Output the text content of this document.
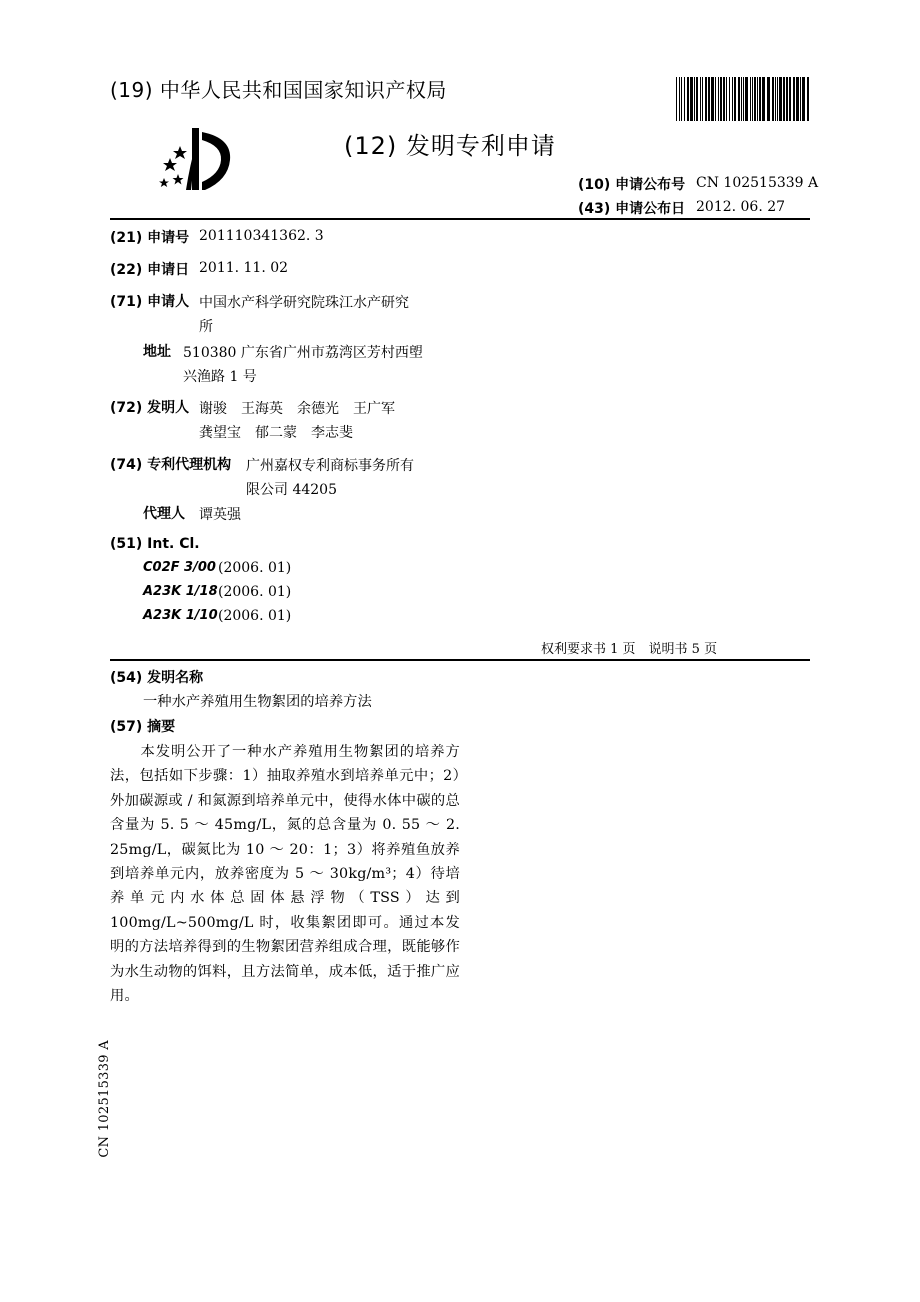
(19) 中华人民共和国国家知识产权局
(12) 发明专利申请
(10) 申请公布号 CN 102515339 A
(43) 申请公布日 2012. 06. 27
(21) 申请号 201110341362. 3
(22) 申请日 2011. 11. 02
(71) 申请人 中国水产科学研究院珠江水产研究
所
地址 510380 广东省广州市荔湾区芳村西塱
兴渔路 1 号
(72) 发明人 谢骏　王海英　余德光　王广军
龚望宝　郁二蒙　李志斐
(74) 专利代理机构 广州嘉权专利商标事务所有
限公司 44205
代理人 谭英强
(51) Int. Cl.
C02F 3/00 (2006. 01)
A23K 1/18 (2006. 01)
A23K 1/10 (2006. 01)
权利要求书 1 页　说明书 5 页
(54) 发明名称
一种水产养殖用生物絮团的培养方法
(57) 摘要
　　本发明公开了一种水产养殖用生物絮团的培养方法，包括如下步骤：1）抽取养殖水到培养单元中；2）外加碳源或 / 和氮源到培养单元中，使得水体中碳的总含量为 5. 5 ～ 45mg/L，氮的总含量为 0. 55 ～ 2. 25mg/L，碳氮比为 10 ～ 20：1；3）将养殖鱼放养到培养单元内，放养密度为 5 ～ 30kg/m³；4）待培养单元内水体总固体悬浮物（TSS）达到 100mg/L~500mg/L 时，收集絮团即可。通过本发明的方法培养得到的生物絮团营养组成合理，既能够作为水生动物的饵料，且方法简单，成本低，适于推广应用。
CN 102515339 A
